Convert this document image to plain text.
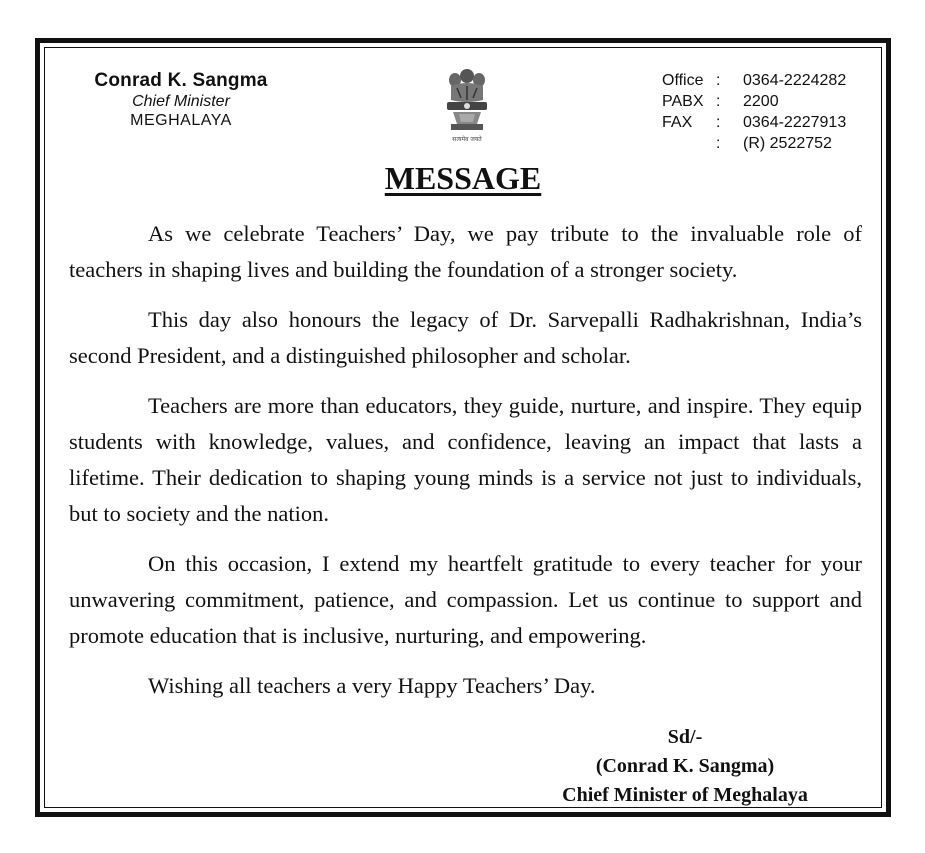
Conrad K. Sangma
Chief Minister
MEGHALAYA
सत्यमेव जयते
Office :	0364-2224282
PABX :	2200
FAX	:	0364-2227913
:	(R) 2522752
MESSAGE

As we celebrate Teachers’ Day, we pay tribute to the invaluable role of teachers in shaping lives and building the foundation of a stronger society.

This day also honours the legacy of Dr. Sarvepalli Radhakrishnan, India’s second President, and a distinguished philosopher and scholar.

Teachers are more than educators, they guide, nurture, and inspire. They equip students with knowledge, values, and confidence, leaving an impact that lasts a lifetime. Their dedication to shaping young minds is a service not just to individuals, but to society and the nation.

On this occasion, I extend my heartfelt gratitude to every teacher for your unwavering commitment, patience, and compassion. Let us continue to support and promote education that is inclusive, nurturing, and empowering.

Wishing all teachers a very Happy Teachers’ Day.

Sd/-
(Conrad K. Sangma)
Chief Minister of Meghalaya
